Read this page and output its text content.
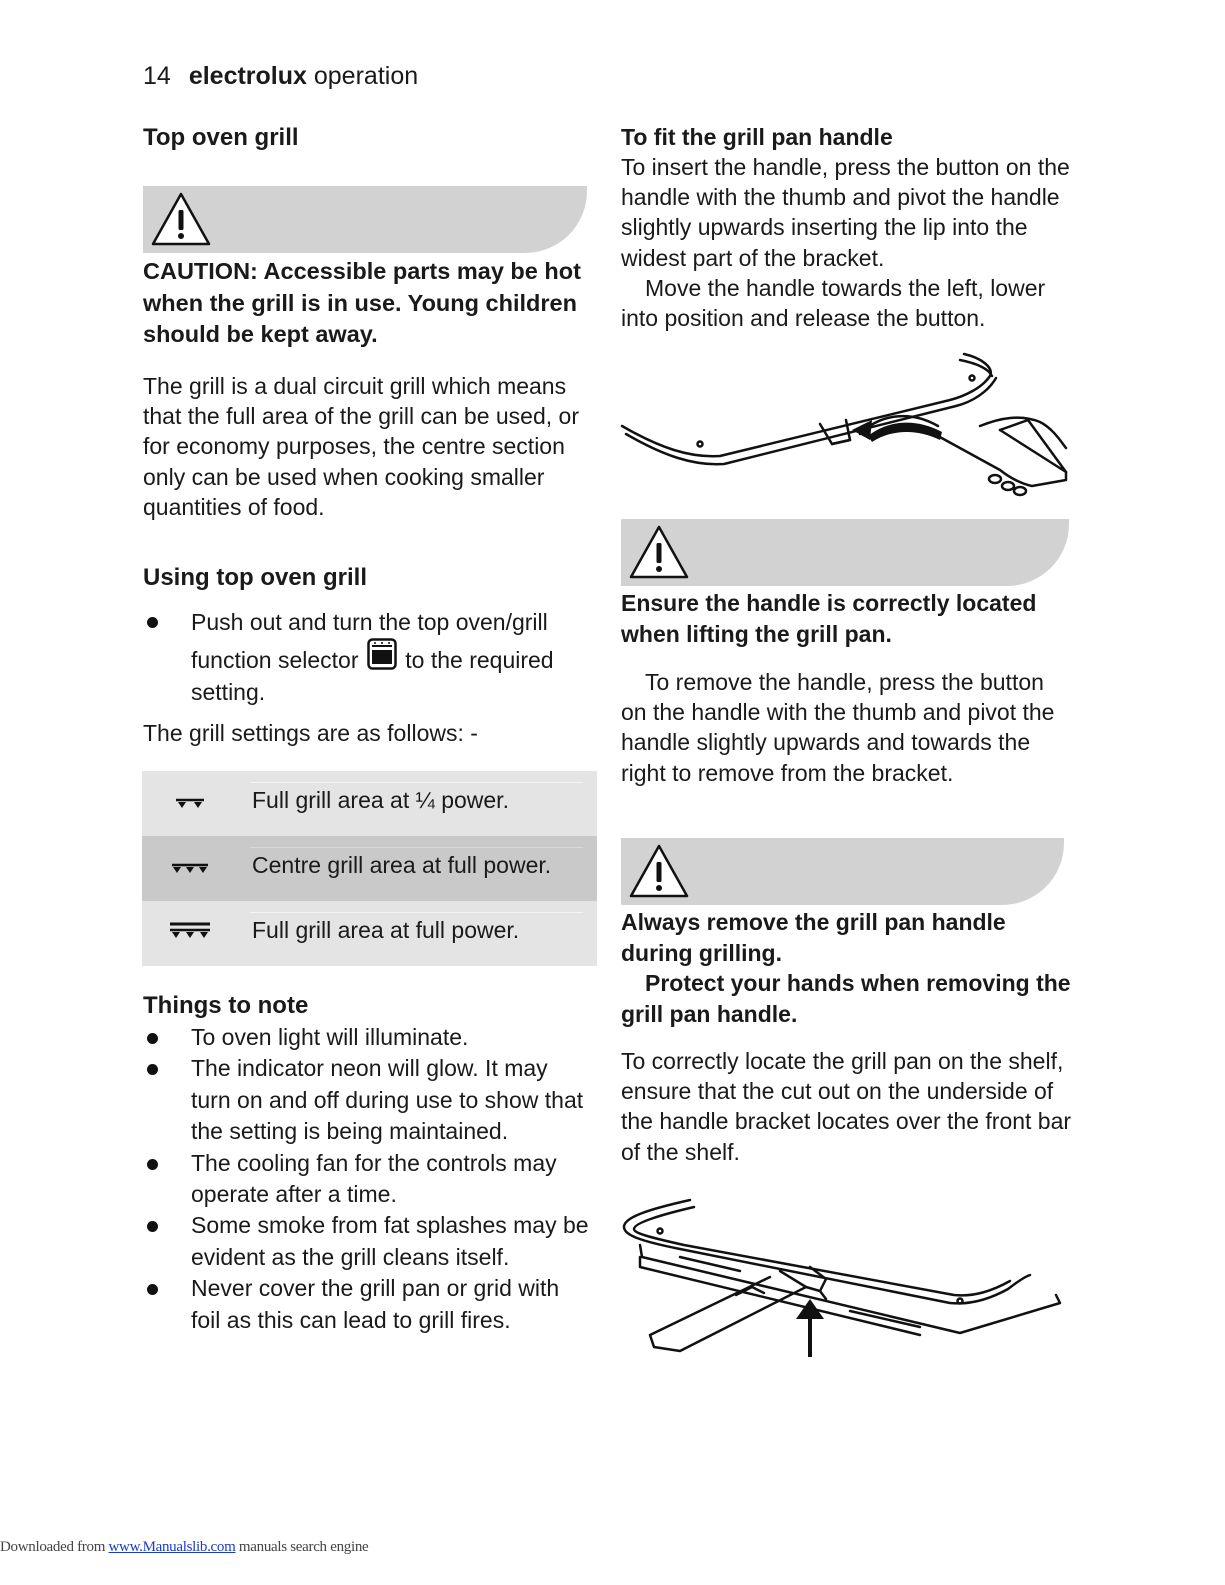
14 electrolux operation
Top oven grill
CAUTION: Accessible parts may be hot when the grill is in use. Young children should be kept away.
The grill is a dual circuit grill which means that the full area of the grill can be used, or for economy purposes, the centre section only can be used when cooking smaller quantities of food.
Using top oven grill
Push out and turn the top oven/grill function selector to the required setting.
The grill settings are as follows: -
Full grill area at ¼ power.
Centre grill area at full power.
Full grill area at full power.
Things to note
To oven light will illuminate.
The indicator neon will glow. It may turn on and off during use to show that the setting is being maintained.
The cooling fan for the controls may operate after a time.
Some smoke from fat splashes may be evident as the grill cleans itself.
Never cover the grill pan or grid with foil as this can lead to grill fires.
To fit the grill pan handle
To insert the handle, press the button on the handle with the thumb and pivot the handle slightly upwards inserting the lip into the widest part of the bracket.
Move the handle towards the left, lower into position and release the button.
Ensure the handle is correctly located when lifting the grill pan.
To remove the handle, press the button on the handle with the thumb and pivot the handle slightly upwards and towards the right to remove from the bracket.
Always remove the grill pan handle during grilling.
Protect your hands when removing the grill pan handle.
To correctly locate the grill pan on the shelf, ensure that the cut out on the underside of the handle bracket locates over the front bar of the shelf.
Downloaded from www.Manualslib.com manuals search engine
